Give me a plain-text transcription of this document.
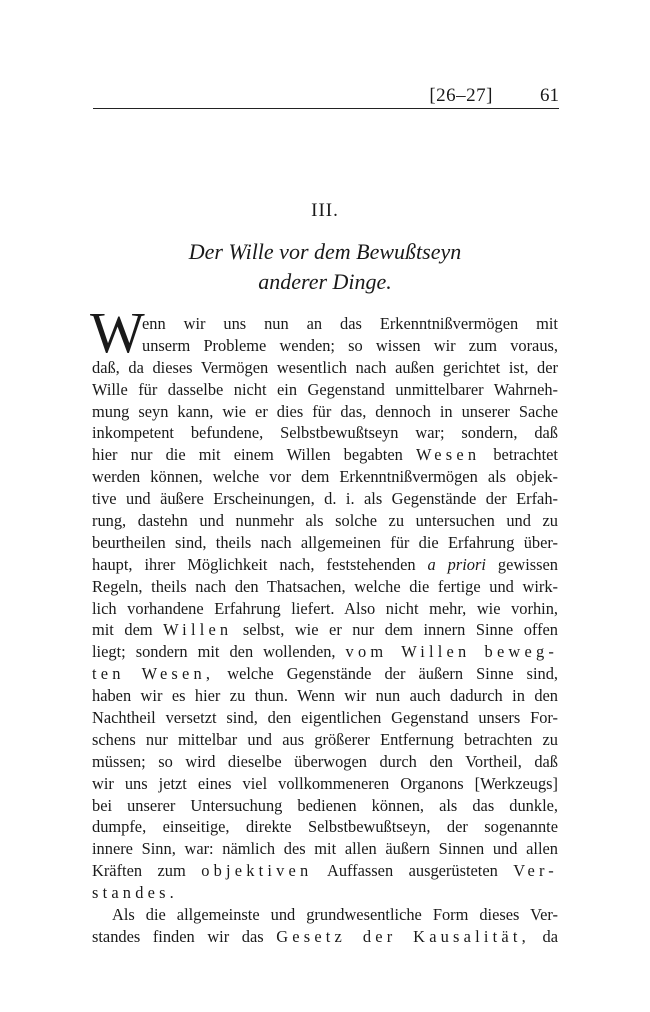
[26–27] 61
III.
Der Wille vor dem Bewußtseyn
anderer Dinge.
W
enn wir uns nun an das Erkenntnißvermögen mit
unserm Probleme wenden; so wissen wir zum voraus,
daß, da dieses Vermögen wesentlich nach außen gerichtet ist, der
Wille für dasselbe nicht ein Gegenstand unmittelbarer Wahrneh-
mung seyn kann, wie er dies für das, dennoch in unserer Sache
inkompetent befundene, Selbstbewußtseyn war; sondern, daß
hier nur die mit einem Willen begabten Wesen betrachtet
werden können, welche vor dem Erkenntnißvermögen als objek-
tive und äußere Erscheinungen, d. i. als Gegenstände der Erfah-
rung, dastehn und nunmehr als solche zu untersuchen und zu
beurtheilen sind, theils nach allgemeinen für die Erfahrung über-
haupt, ihrer Möglichkeit nach, feststehenden a priori gewissen
Regeln, theils nach den Thatsachen, welche die fertige und wirk-
lich vorhandene Erfahrung liefert. Also nicht mehr, wie vorhin,
mit dem Willen selbst, wie er nur dem innern Sinne offen
liegt; sondern mit den wollenden, vom Willen beweg-
ten Wesen, welche Gegenstände der äußern Sinne sind,
haben wir es hier zu thun. Wenn wir nun auch dadurch in den
Nachtheil versetzt sind, den eigentlichen Gegenstand unsers For-
schens nur mittelbar und aus größerer Entfernung betrachten zu
müssen; so wird dieselbe überwogen durch den Vortheil, daß
wir uns jetzt eines viel vollkommeneren Organons [Werkzeugs]
bei unserer Untersuchung bedienen können, als das dunkle,
dumpfe, einseitige, direkte Selbstbewußtseyn, der sogenannte
innere Sinn, war: nämlich des mit allen äußern Sinnen und allen
Kräften zum objektiven Auffassen ausgerüsteten Ver-
standes.
Als die allgemeinste und grundwesentliche Form dieses Ver-
standes finden wir das Gesetz der Kausalität, da
